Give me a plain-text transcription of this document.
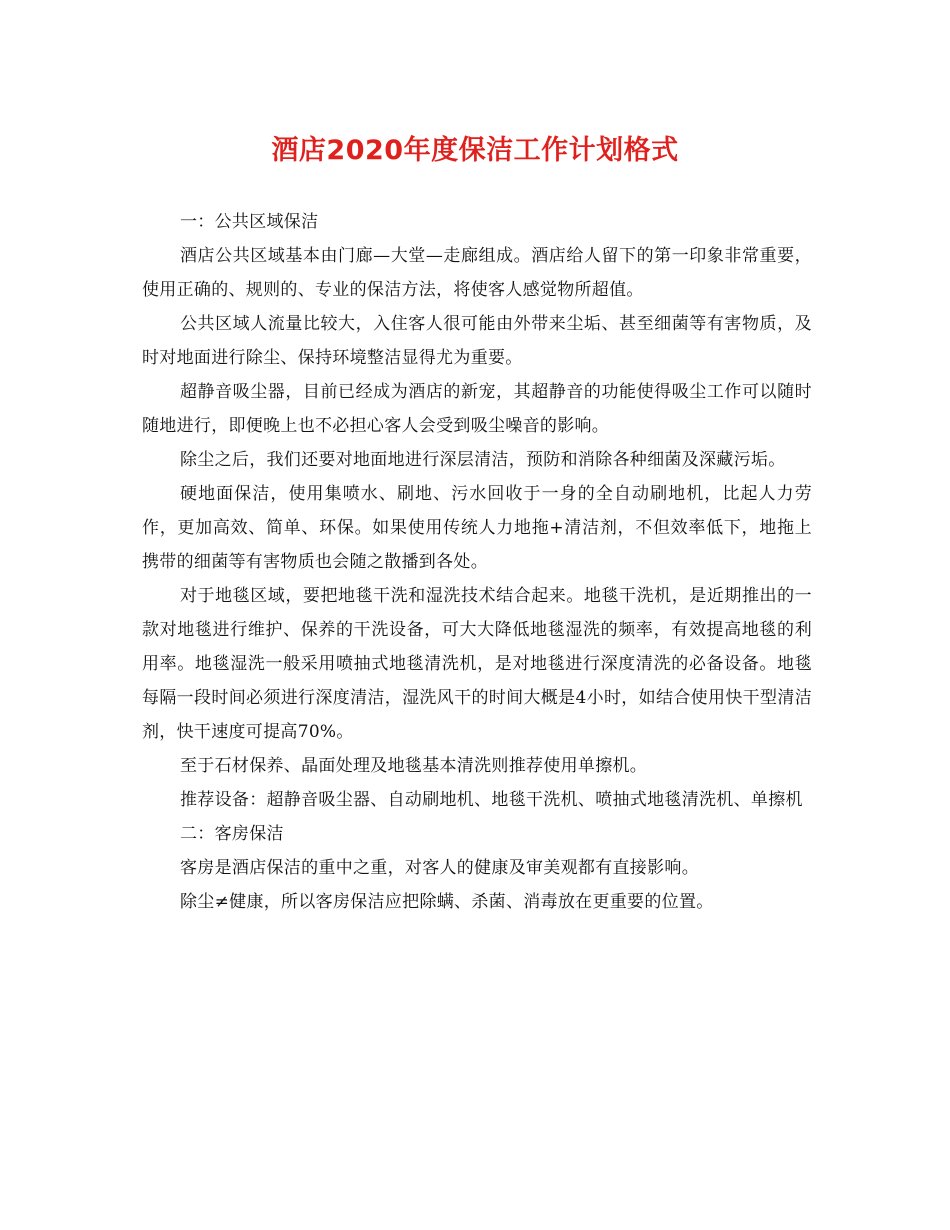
酒店2020年度保洁工作计划格式

一：公共区域保洁

酒店公共区域基本由门廊—大堂—走廊组成。酒店给人留下的第一印象非常重要，使用正确的、规则的、专业的保洁方法，将使客人感觉物所超值。

公共区域人流量比较大，入住客人很可能由外带来尘垢、甚至细菌等有害物质，及时对地面进行除尘、保持环境整洁显得尤为重要。

超静音吸尘器，目前已经成为酒店的新宠，其超静音的功能使得吸尘工作可以随时随地进行，即便晚上也不必担心客人会受到吸尘噪音的影响。

除尘之后，我们还要对地面地进行深层清洁，预防和消除各种细菌及深藏污垢。

硬地面保洁，使用集喷水、刷地、污水回收于一身的全自动刷地机，比起人力劳作，更加高效、简单、环保。如果使用传统人力地拖+清洁剂，不但效率低下，地拖上携带的细菌等有害物质也会随之散播到各处。

对于地毯区域，要把地毯干洗和湿洗技术结合起来。地毯干洗机，是近期推出的一款对地毯进行维护、保养的干洗设备，可大大降低地毯湿洗的频率，有效提高地毯的利用率。地毯湿洗一般采用喷抽式地毯清洗机，是对地毯进行深度清洗的必备设备。地毯每隔一段时间必须进行深度清洁，湿洗风干的时间大概是4小时，如结合使用快干型清洁剂，快干速度可提高70%。

至于石材保养、晶面处理及地毯基本清洗则推荐使用单擦机。

推荐设备：超静音吸尘器、自动刷地机、地毯干洗机、喷抽式地毯清洗机、单擦机

二：客房保洁

客房是酒店保洁的重中之重，对客人的健康及审美观都有直接影响。

除尘≠健康，所以客房保洁应把除螨、杀菌、消毒放在更重要的位置。
